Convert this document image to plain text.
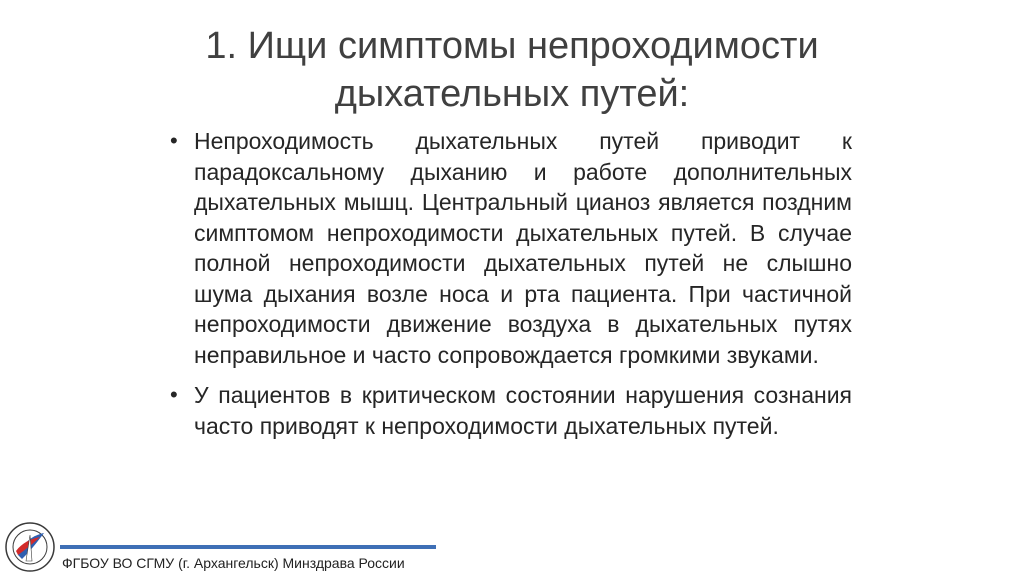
1. Ищи симптомы непроходимости дыхательных путей:
• Непроходимость дыхательных путей приводит к парадоксальному дыханию и работе дополнительных дыхательных мышц. Центральный цианоз является поздним симптомом непроходимости дыхательных путей. В случае полной непроходимости дыхательных путей не слышно шума дыхания возле носа и рта пациента. При частичной непроходимости движение воздуха в дыхательных путях неправильное и часто сопровождается громкими звуками.
• У пациентов в критическом состоянии нарушения сознания часто приводят к непроходимости дыхательных путей.
ФГБОУ ВО СГМУ (г. Архангельск) Минздрава России
